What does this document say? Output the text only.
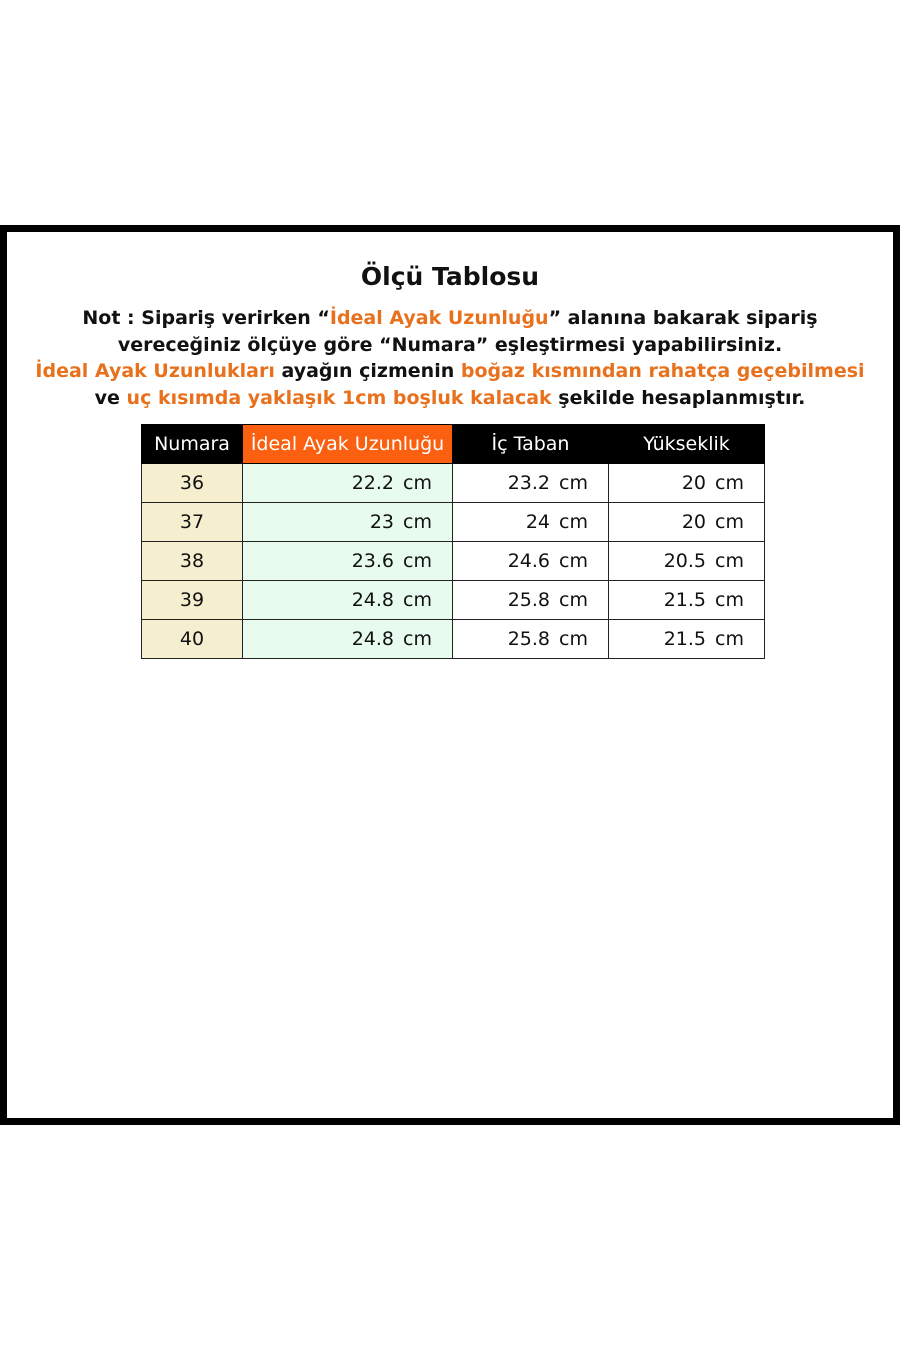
Ölçü Tablosu
Not : Sipariş verirken “İdeal Ayak Uzunluğu” alanına bakarak sipariş
vereceğiniz ölçüye göre “Numara” eşleştirmesi yapabilirsiniz.
İdeal Ayak Uzunlukları ayağın çizmenin boğaz kısmından rahatça geçebilmesi
ve uç kısımda yaklaşık 1cm boşluk kalacak şekilde hesaplanmıştır.
Numara	İdeal Ayak Uzunluğu	İç Taban	Yükseklik
36	22.2 cm	23.2 cm	20 cm
37	23 cm	24 cm	20 cm
38	23.6 cm	24.6 cm	20.5 cm
39	24.8 cm	25.8 cm	21.5 cm
40	24.8 cm	25.8 cm	21.5 cm
